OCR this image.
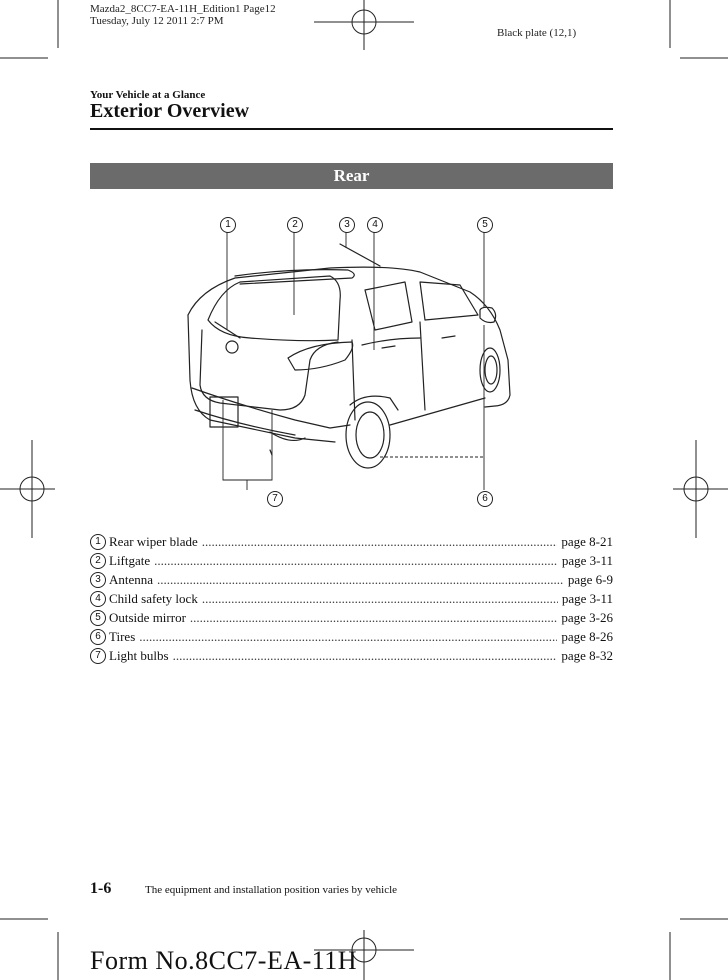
Mazda2_8CC7-EA-11H_Edition1 Page12
Tuesday, July 12 2011 2:7 PM
Black plate (12,1)
Your Vehicle at a Glance
Exterior Overview
Rear
1	2	3	4	5
6
7
1 Rear wiper blade .....	page 8-21
2 Liftgate .....	page 3-11
3 Antenna .....	page 6-9
4 Child safety lock .....	page 3-11
5 Outside mirror .....	page 3-26
6 Tires .....	page 8-26
7 Light bulbs .....	page 8-32
1-6	The equipment and installation position varies by vehicle
Form No.8CC7-EA-11H
